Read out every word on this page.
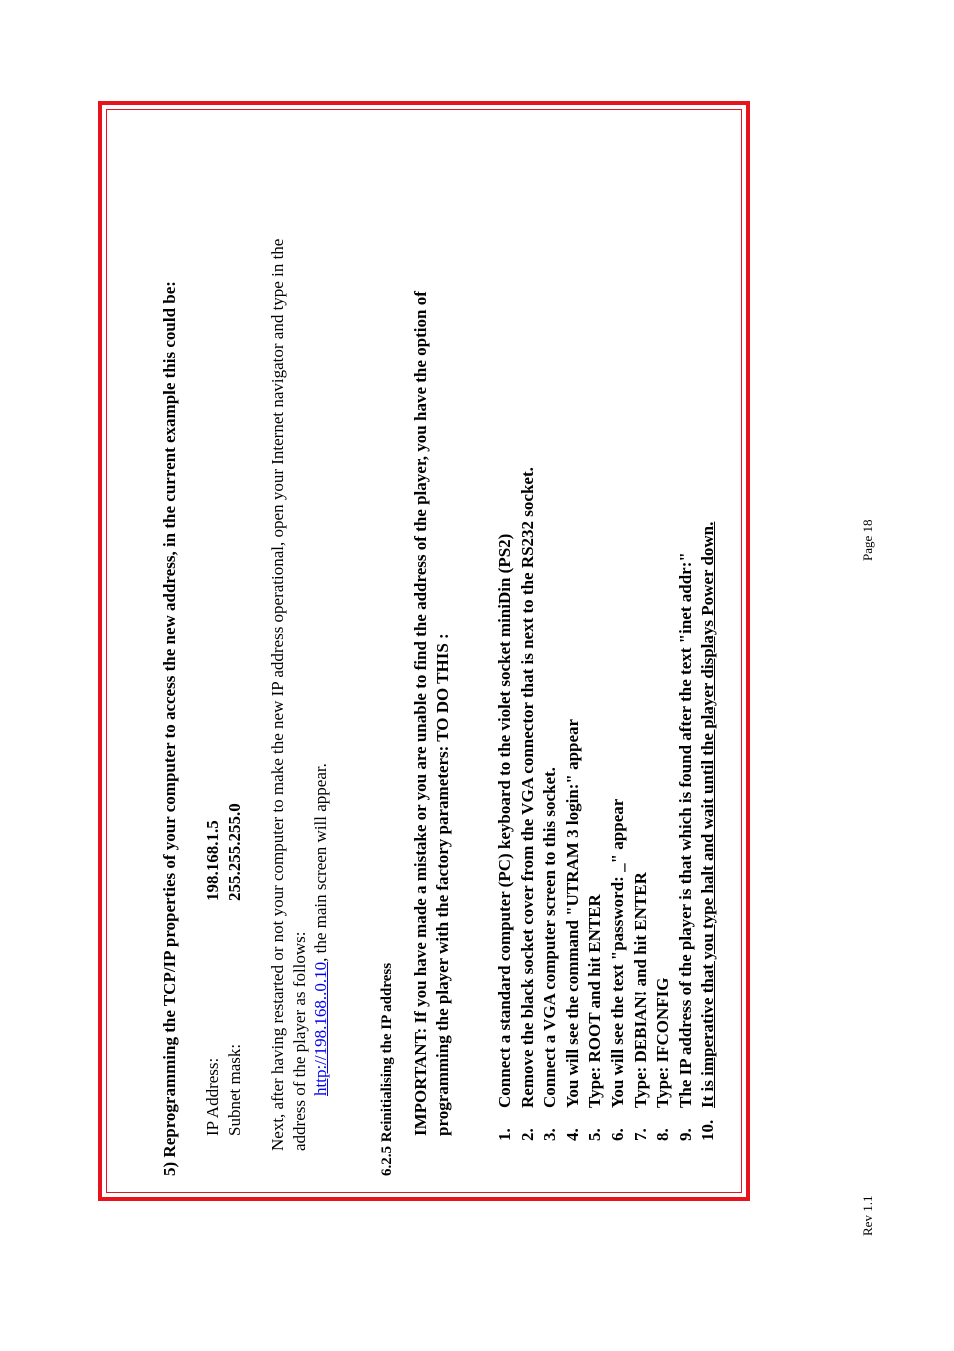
5) Reprogramming the TCP/IP properties of your computer to access the new address, in the current example this could be: IP Address:
198.168.1.5
Subnet mask:
255.255.255.0 Next, after having restarted or not your computer to make the new IP address operational, open your Internet navigator and type in the address of the player as follows: http://198.168..0.10, the main screen will appear.
6.2.5 Reinitialising the IP address IMPORTANT: If you have made a mistake or you are unable to find the address of the player, you have the option of programming the player with the factory parameters: TO DO THIS :	1.
Connect a standard computer (PC) keyboard to the violet socket miniDin (PS2)
2.
Remove the black socket cover from the VGA connector that is next to the RS232 socket.
3.
Connect a VGA computer screen to this socket.
4.
You will see the command "UTRAM 3 login:" appear
5.
Type: ROOT and hit ENTER
6.
You will see the text "password: _" appear
7.
Type: DEBIAN! and hit ENTER
8.
Type: IFCONFIG
9.
The IP address of the player is that which is found after the text "inet addr:"
10.
It is imperative that you type halt and wait until the player displays Power down.
Rev 1.1
Page 18
